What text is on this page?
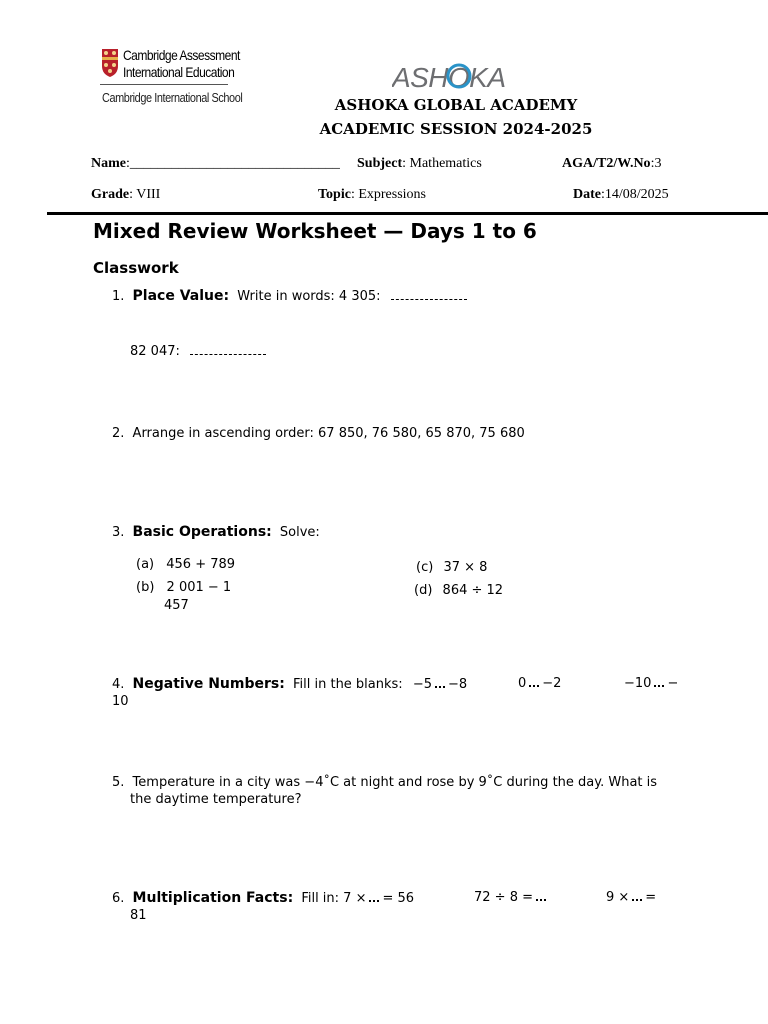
Cambridge Assessment
International Education
Cambridge International School
ASHOKA
ASHOKA GLOBAL ACADEMY
ACADEMIC SESSION 2024-2025
Name:______________________________ Subject: Mathematics	AGA/T2/W.No:3
Grade: VIII	Topic: Expressions	Date:14/08/2025
Mixed Review Worksheet — Days 1 to 6
Classwork
1. Place Value: Write in words: 4 305:
82 047:
2. Arrange in ascending order: 67 850, 76 580, 65 870, 75 680
3. Basic Operations: Solve:
(a) 456 + 789
(b) 2 001 − 1
457
(c) 37 × 8
(d) 864 ÷ 12
4. Negative Numbers: Fill in the blanks: −5 −8	0 −2	−10 −
10
5. Temperature in a city was −4˚C at night and rose by 9˚C during the day. What is
the daytime temperature?
6. Multiplication Facts: Fill in: 7 × = 56	72 ÷ 8 =	9 × =
81
